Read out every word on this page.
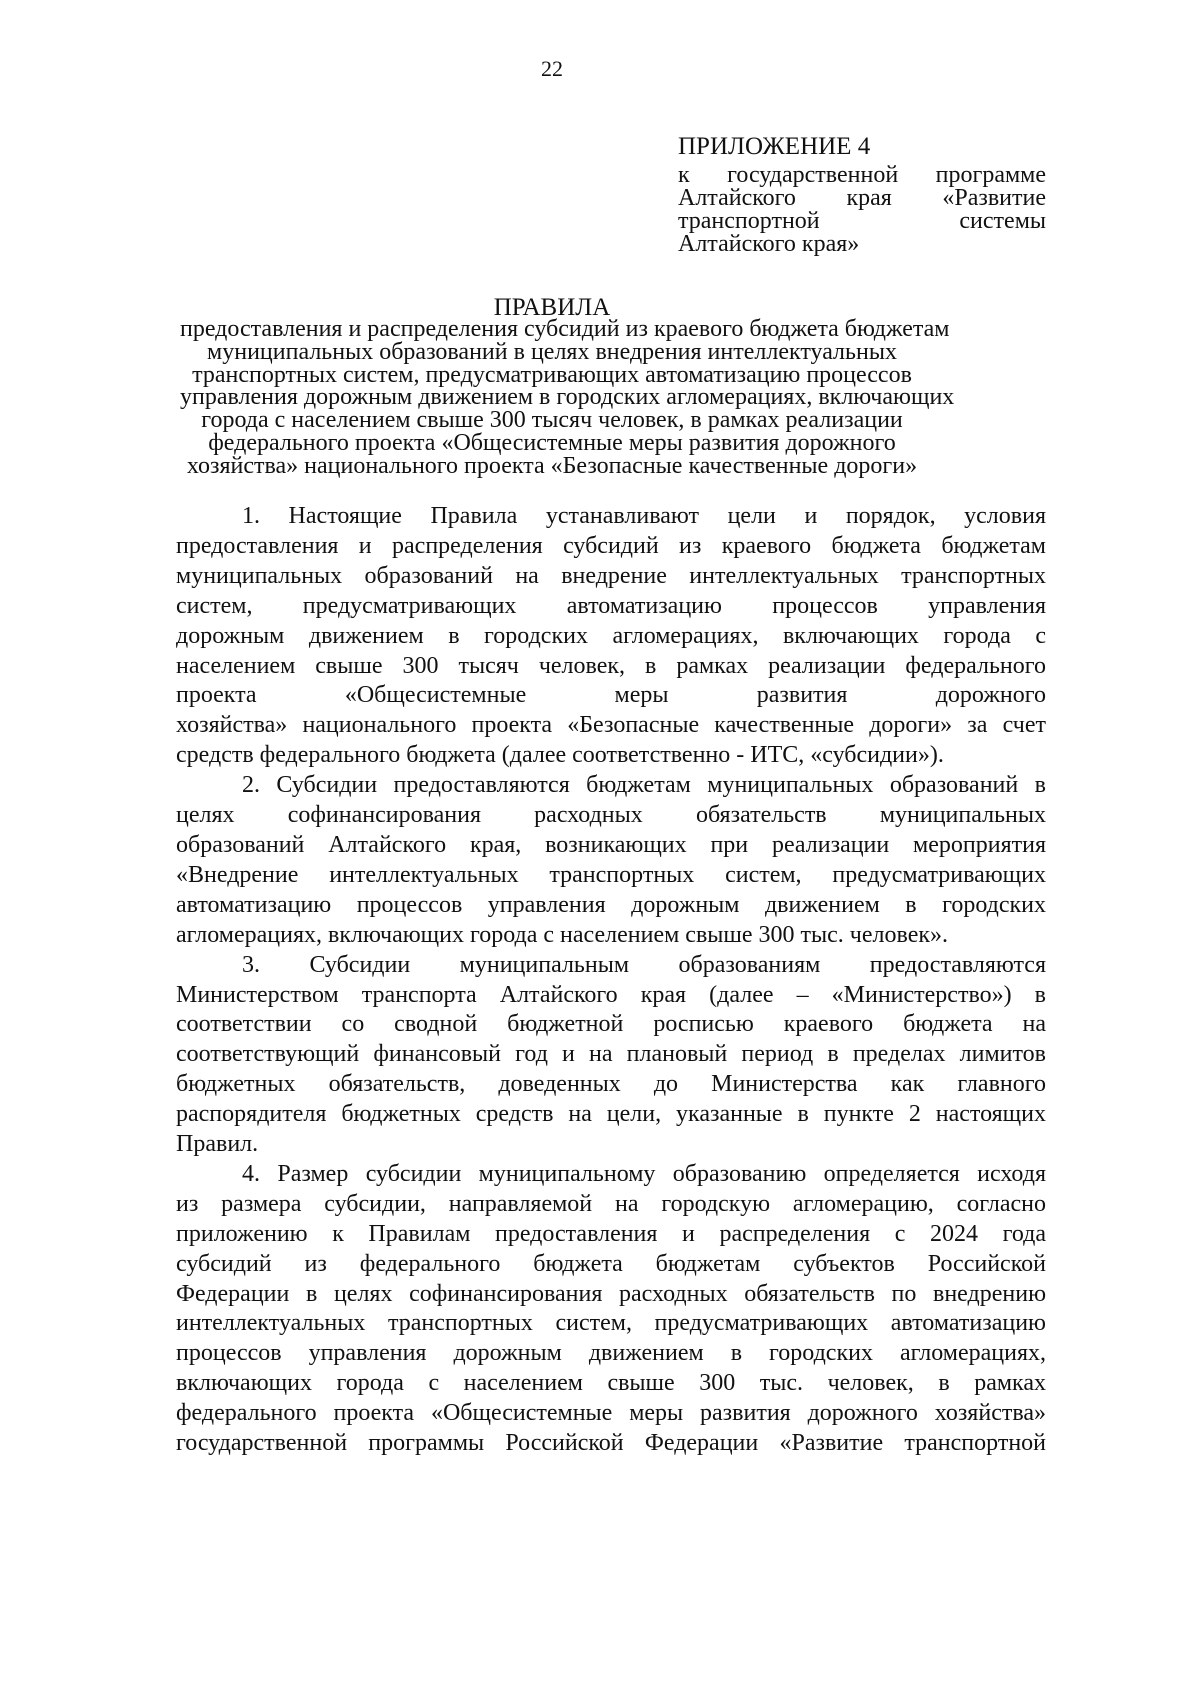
22
ПРИЛОЖЕНИЕ 4
к государственной программе
Алтайского края «Развитие
транспортной системы
Алтайского края»
ПРАВИЛА
предоставления и распределения субсидий из краевого бюджета бюджетам
муниципальных образований в целях внедрения интеллектуальных
транспортных систем, предусматривающих автоматизацию процессов
управления дорожным движением в городских агломерациях, включающих
города с населением свыше 300 тысяч человек, в рамках реализации
федерального проекта «Общесистемные меры развития дорожного
хозяйства» национального проекта «Безопасные качественные дороги»
1. Настоящие Правила устанавливают цели и порядок, условия
предоставления и распределения субсидий из краевого бюджета бюджетам
муниципальных образований на внедрение интеллектуальных транспортных
систем, предусматривающих автоматизацию процессов управления
дорожным движением в городских агломерациях, включающих города с
населением свыше 300 тысяч человек, в рамках реализации федерального
проекта «Общесистемные меры развития дорожного
хозяйства» национального проекта «Безопасные качественные дороги» за счет
средств федерального бюджета (далее соответственно - ИТС, «субсидии»).
2. Субсидии предоставляются бюджетам муниципальных образований в
целях софинансирования расходных обязательств муниципальных
образований Алтайского края, возникающих при реализации мероприятия
«Внедрение интеллектуальных транспортных систем, предусматривающих
автоматизацию процессов управления дорожным движением в городских
агломерациях, включающих города с населением свыше 300 тыс. человек».
3. Субсидии муниципальным образованиям предоставляются
Министерством транспорта Алтайского края (далее – «Министерство») в
соответствии со сводной бюджетной росписью краевого бюджета на
соответствующий финансовый год и на плановый период в пределах лимитов
бюджетных обязательств, доведенных до Министерства как главного
распорядителя бюджетных средств на цели, указанные в пункте 2 настоящих
Правил.
4. Размер субсидии муниципальному образованию определяется исходя
из размера субсидии, направляемой на городскую агломерацию, согласно
приложению к Правилам предоставления и распределения с 2024 года
субсидий из федерального бюджета бюджетам субъектов Российской
Федерации в целях софинансирования расходных обязательств по внедрению
интеллектуальных транспортных систем, предусматривающих автоматизацию
процессов управления дорожным движением в городских агломерациях,
включающих города с населением свыше 300 тыс. человек, в рамках
федерального проекта «Общесистемные меры развития дорожного хозяйства»
государственной программы Российской Федерации «Развитие транспортной
